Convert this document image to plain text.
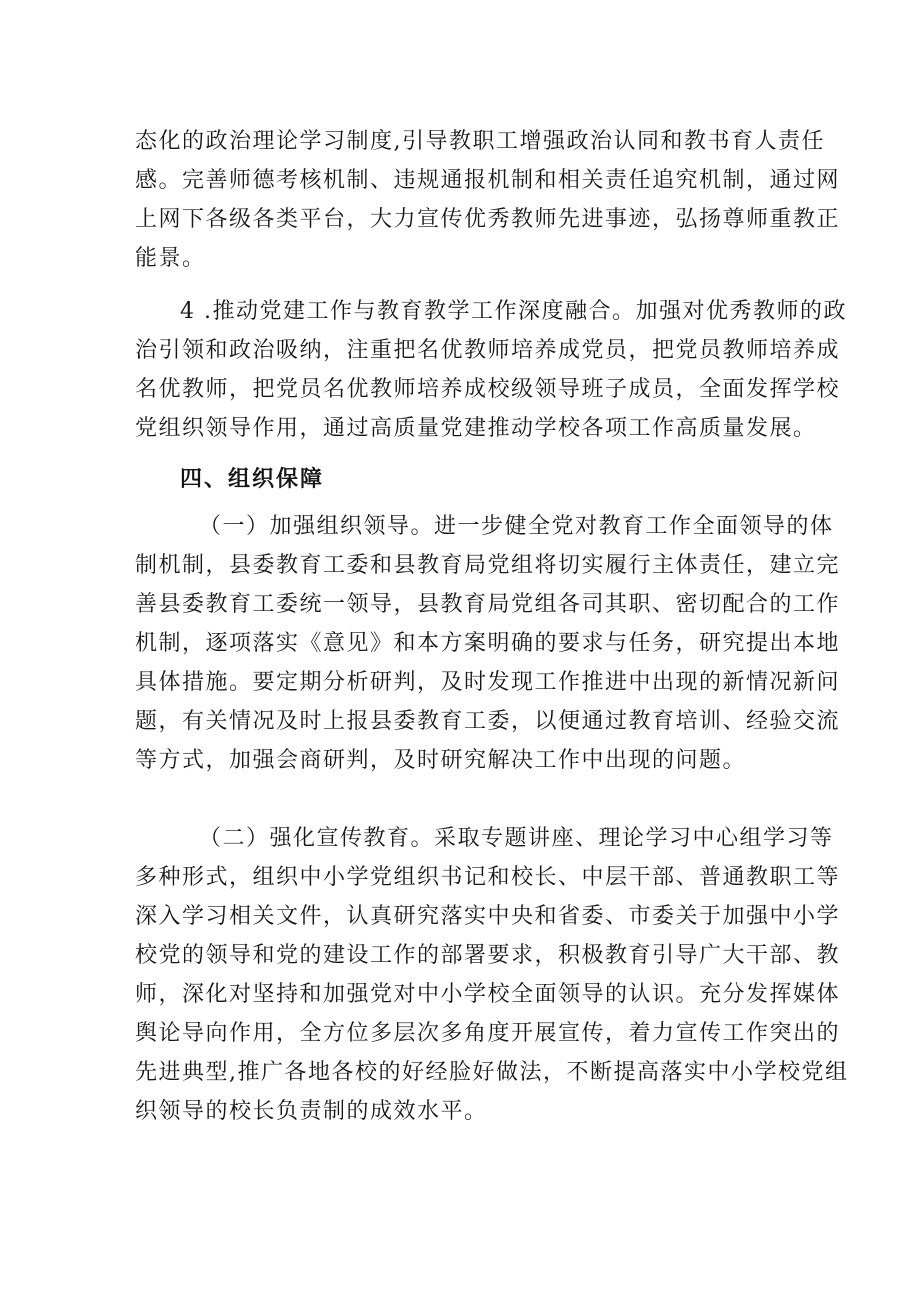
态化的政治理论学习制度,引导教职工增强政治认同和教书育人责任
感。完善师德考核机制、违规通报机制和相关责任追究机制，通过网
上网下各级各类平台，大力宣传优秀教师先进事迹，弘扬尊师重教正
能景。
4 .推动党建工作与教育教学工作深度融合。加强对优秀教师的政
治引领和政治吸纳，注重把名优教师培养成党员，把党员教师培养成
名优教师，把党员名优教师培养成校级领导班子成员，全面发挥学校
党组织领导作用，通过高质量党建推动学校各项工作高质量发展。
四、组织保障
（一）加强组织领导。进一步健全党对教育工作全面领导的体
制机制，县委教育工委和县教育局党组将切实履行主体责任，建立完
善县委教育工委统一领导，县教育局党组各司其职、密切配合的工作
机制，逐项落实《意见》和本方案明确的要求与任务，研究提出本地
具体措施。要定期分析研判，及时发现工作推进中出现的新情况新问
题，有关情况及时上报县委教育工委，以便通过教育培训、经验交流
等方式，加强会商研判，及时研究解决工作中出现的问题。
（二）强化宣传教育。采取专题讲座、理论学习中心组学习等
多种形式，组织中小学党组织书记和校长、中层干部、普通教职工等
深入学习相关文件，认真研究落实中央和省委、市委关于加强中小学
校党的领导和党的建设工作的部署要求，积极教育引导广大干部、教
师，深化对坚持和加强党对中小学校全面领导的认识。充分发挥媒体
舆论导向作用，全方位多层次多角度开展宣传，着力宣传工作突出的
先进典型,推广各地各校的好经脸好做法，不断提高落实中小学校党组
织领导的校长负责制的成效水平。
